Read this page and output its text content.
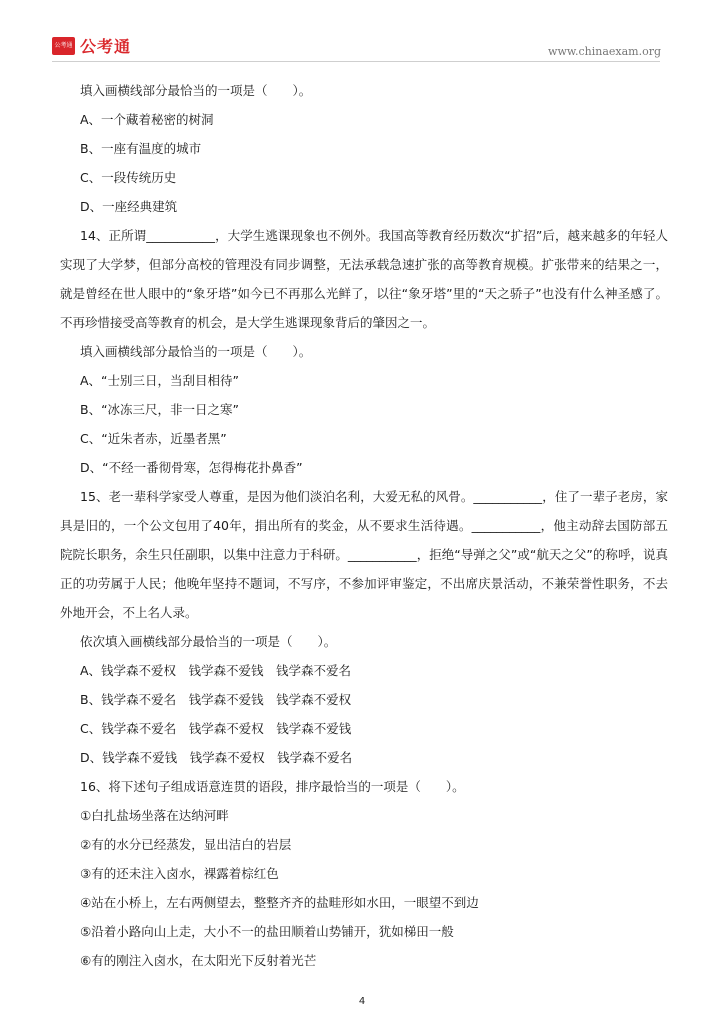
公考通 公考通	www.chinaexam.org
填入画横线部分最恰当的一项是（　　）。
A、一个藏着秘密的树洞
B、一座有温度的城市
C、一段传统历史
D、一座经典建筑

14、正所谓___________，大学生逃课现象也不例外。我国高等教育经历数次“扩招”后，越来越多的年轻人实现了大学梦，但部分高校的管理没有同步调整，无法承载急速扩张的高等教育规模。扩张带来的结果之一，就是曾经在世人眼中的“象牙塔”如今已不再那么光鲜了，以往“象牙塔”里的“天之骄子”也没有什么神圣感了。不再珍惜接受高等教育的机会，是大学生逃课现象背后的肇因之一。

填入画横线部分最恰当的一项是（　　）。
A、“士别三日，当刮目相待”
B、“冰冻三尺，非一日之寒”
C、“近朱者赤，近墨者黑”
D、“不经一番彻骨寒，怎得梅花扑鼻香”

15、老一辈科学家受人尊重，是因为他们淡泊名利，大爱无私的风骨。___________，住了一辈子老房，家具是旧的，一个公文包用了40年，捐出所有的奖金，从不要求生活待遇。___________，他主动辞去国防部五院院长职务，余生只任副职，以集中注意力于科研。___________，拒绝“导弹之父”或“航天之父”的称呼，说真正的功劳属于人民；他晚年坚持不题词，不写序，不参加评审鉴定，不出席庆景活动，不兼荣誉性职务，不去外地开会，不上名人录。

依次填入画横线部分最恰当的一项是（　　）。
A、钱学森不爱权　钱学森不爱钱　钱学森不爱名
B、钱学森不爱名　钱学森不爱钱　钱学森不爱权
C、钱学森不爱名　钱学森不爱权　钱学森不爱钱
D、钱学森不爱钱　钱学森不爱权　钱学森不爱名
16、将下述句子组成语意连贯的语段，排序最恰当的一项是（　　）。
①白扎盐场坐落在达纳河畔
②有的水分已经蒸发，显出洁白的岩层
③有的还未注入卤水，裸露着棕红色
④站在小桥上，左右两侧望去，整整齐齐的盐畦形如水田，一眼望不到边
⑤沿着小路向山上走，大小不一的盐田顺着山势铺开，犹如梯田一般
⑥有的刚注入卤水，在太阳光下反射着光芒
4
